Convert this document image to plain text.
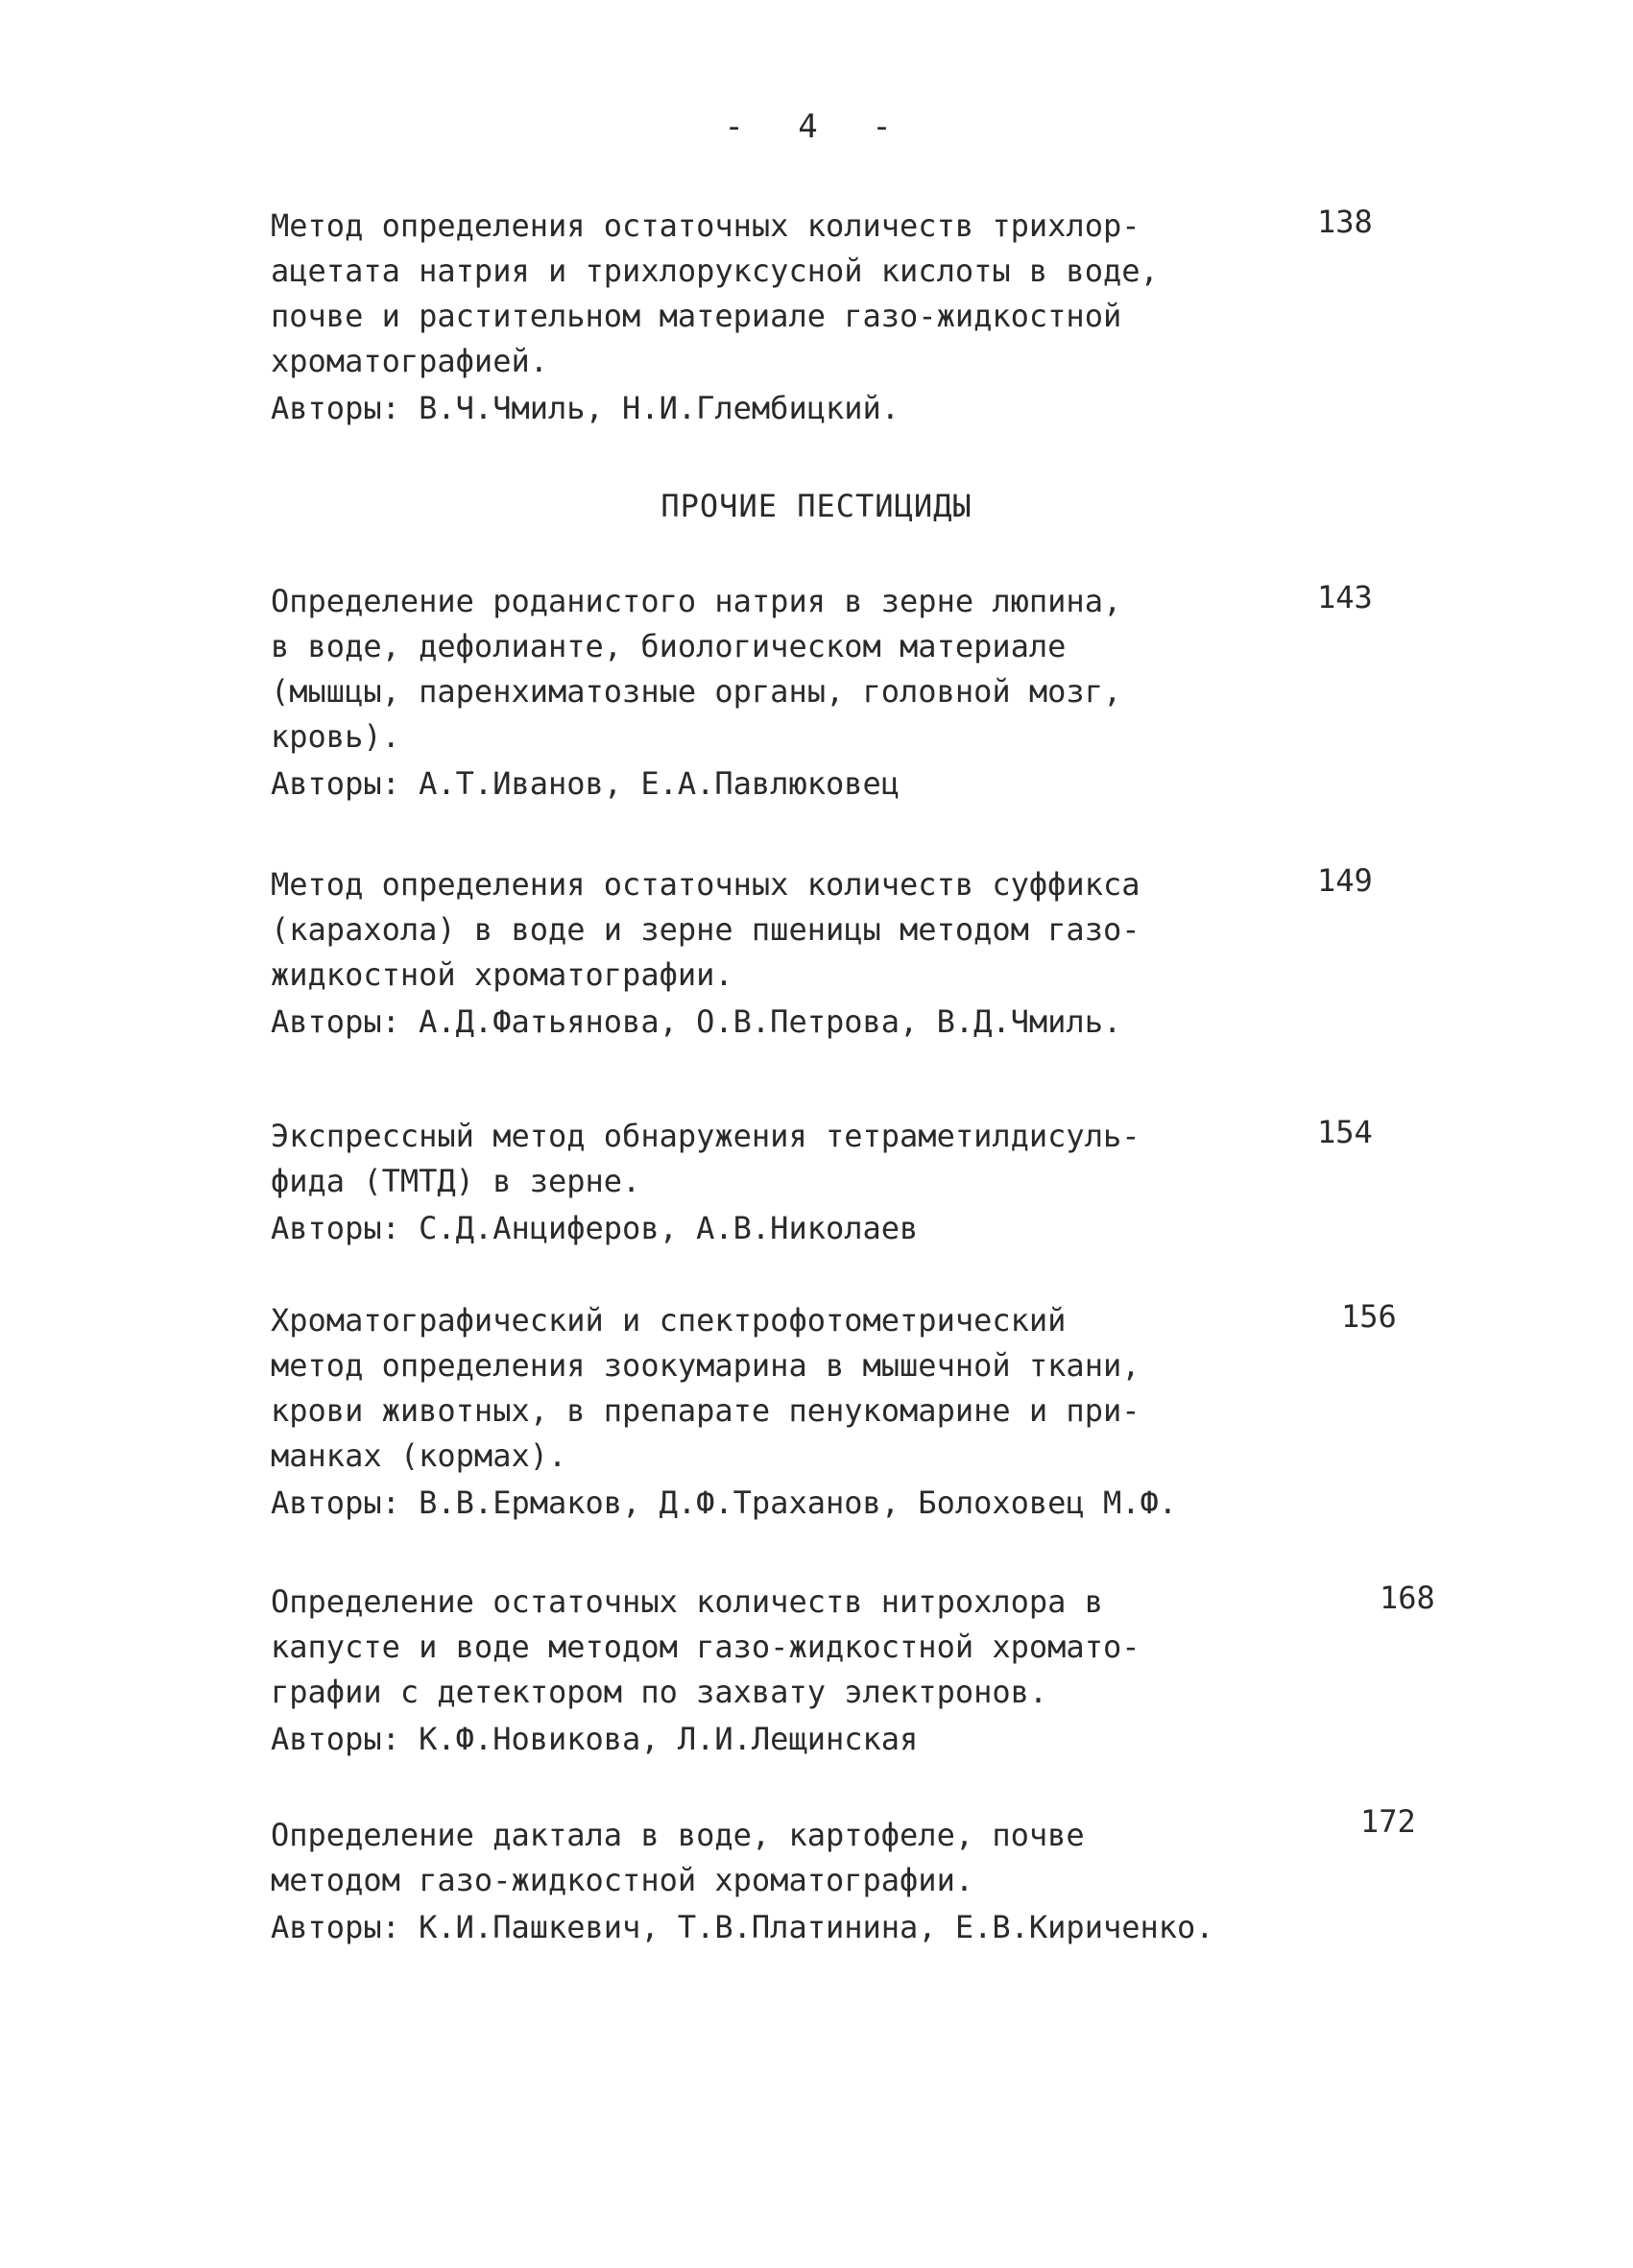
- 4 -
Метод определения остаточных количеств трихлор-
ацетата натрия и трихлоруксусной кислоты в воде,
почве и растительном материале газо-жидкостной
хроматографией.
Авторы: В.Ч.Чмиль, Н.И.Глембицкий.
138
ПРОЧИЕ ПЕСТИЦИДЫ
Определение роданистого натрия в зерне люпина,
в воде, дефолианте, биологическом материале
(мышцы, паренхиматозные органы, головной мозг,
кровь).
Авторы: А.Т.Иванов, Е.А.Павлюковец
143
Метод определения остаточных количеств суффикса
(карахола) в воде и зерне пшеницы методом газо-
жидкостной хроматографии.
Авторы: А.Д.Фатьянова, О.В.Петрова, В.Д.Чмиль.
149
Экспрессный метод обнаружения тетраметилдисуль-
фида (ТМТД) в зерне.
Авторы: С.Д.Анциферов, А.В.Николаев
154
Хроматографический и спектрофотометрический
метод определения зоокумарина в мышечной ткани,
крови животных, в препарате пенукомарине и при-
манках (кормах).
Авторы: В.В.Ермаков, Д.Ф.Траханов, Болоховец М.Ф.
156
Определение остаточных количеств нитрохлора в
капусте и воде методом газо-жидкостной хромато-
графии с детектором по захвату электронов.
Авторы: К.Ф.Новикова, Л.И.Лещинская
168
Определение дактала в воде, картофеле, почве
методом газо-жидкостной хроматографии.
Авторы: К.И.Пашкевич, Т.В.Платинина, Е.В.Кириченко.
172
